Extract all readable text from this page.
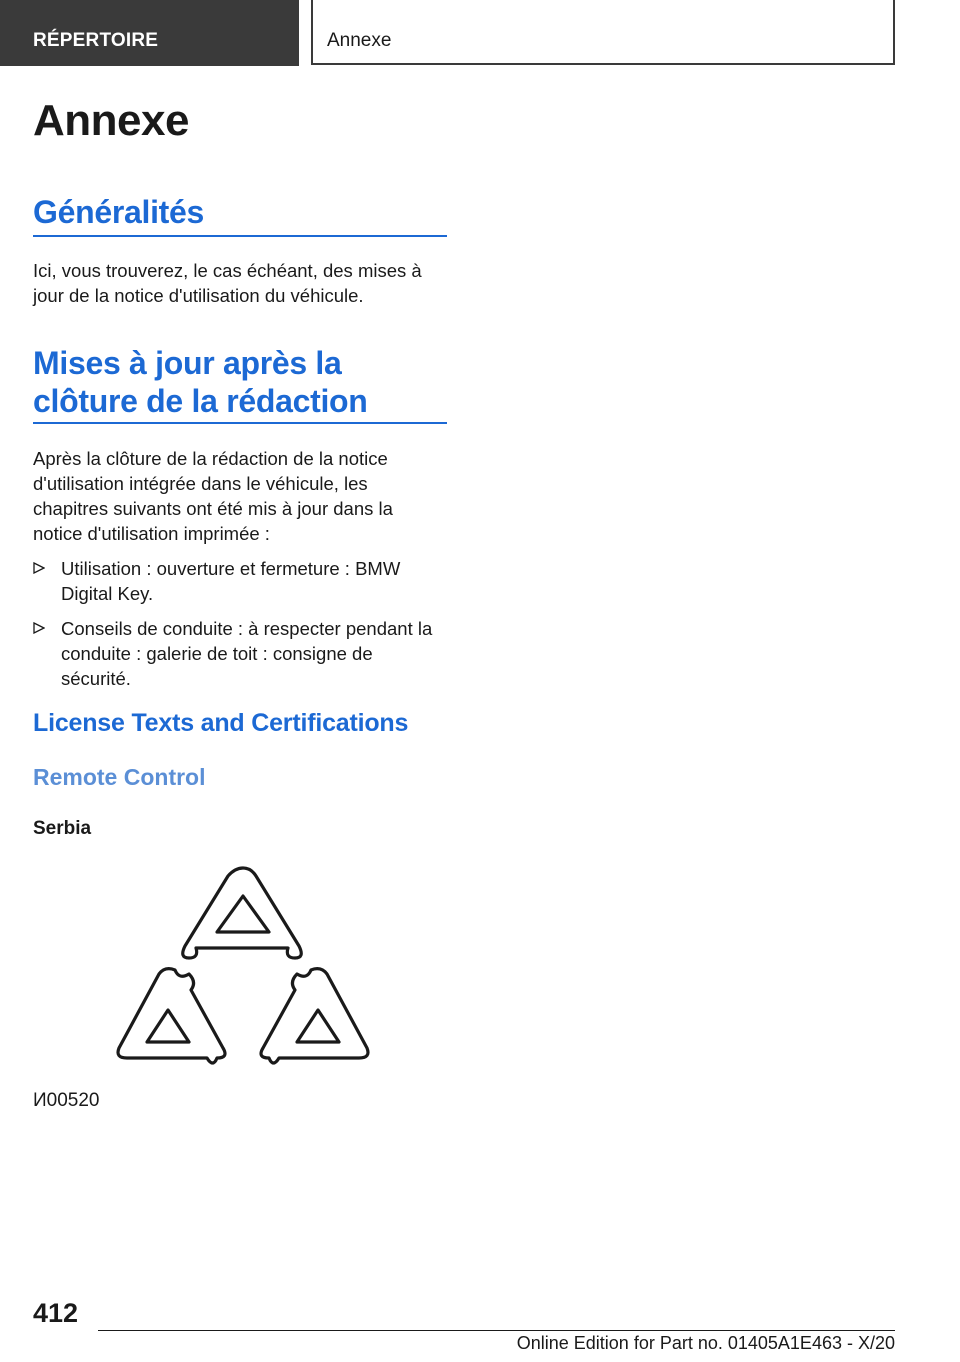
RÉPERTOIRE	Annexe
Annexe
Généralités

Ici, vous trouverez, le cas échéant, des mises à jour de la notice d'utilisation du véhicule.

Mises à jour après la
clôture de la rédaction

Après la clôture de la rédaction de la notice d'utilisation intégrée dans le véhicule, les chapitres suivants ont été mis à jour dans la notice d'utilisation imprimée :

Utilisation : ouverture et fermeture : BMW Digital Key.
Conseils de conduite : à respecter pendant la conduite : galerie de toit : consigne de sécurité.
License Texts and Certifications
Remote Control
Serbia
И00520
412
Online Edition for Part no. 01405A1E463 - X/20
